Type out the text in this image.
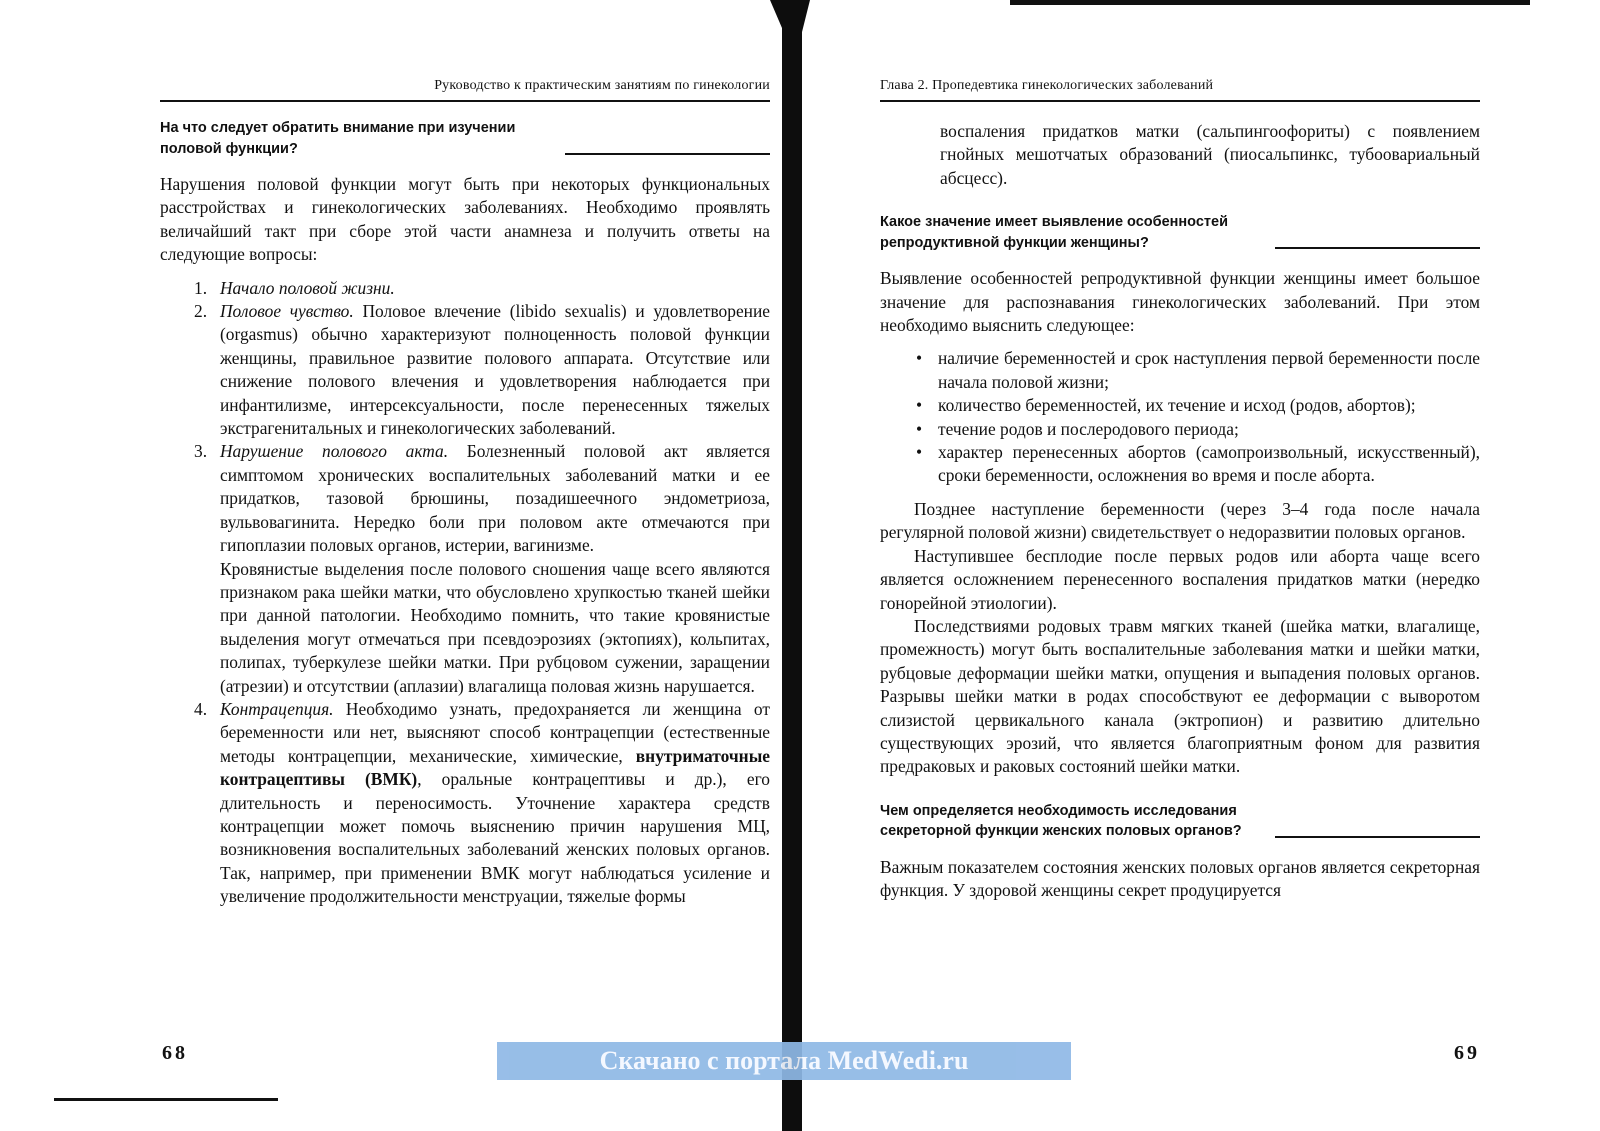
Руководство к практическим занятиям по гинекологии
На что следует обратить внимание при изучении половой функции?

Нарушения половой функции могут быть при некоторых функциональных расстройствах и гинекологических заболеваниях. Необходимо проявлять величайший такт при сборе этой части анамнеза и получить ответы на следующие вопросы:

1. Начало половой жизни.
2. Половое чувство. Половое влечение (libido sexualis) и удовлетворение (orgasmus) обычно характеризуют полноценность половой функции женщины, правильное развитие полового аппарата. Отсутствие или снижение полового влечения и удовлетворения наблюдается при инфантилизме, интерсексуальности, после перенесенных тяжелых экстрагенитальных и гинекологических заболеваний.
3. Нарушение полового акта. Болезненный половой акт является симптомом хронических воспалительных заболеваний матки и ее придатков, тазовой брюшины, позадишеечного эндометриоза, вульвовагинита. Нередко боли при половом акте отмечаются при гипоплазии половых органов, истерии, вагинизме.

Кровянистые выделения после полового сношения чаще всего являются признаком рака шейки матки, что обусловлено хрупкостью тканей шейки при данной патологии. Необходимо помнить, что такие кровянистые выделения могут отмечаться при псевдоэрозиях (эктопиях), кольпитах, полипах, туберкулезе шейки матки. При рубцовом сужении, заращении (атрезии) и отсутствии (аплазии) влагалища половая жизнь нарушается.

4. Контрацепция. Необходимо узнать, предохраняется ли женщина от беременности или нет, выясняют способ контрацепции (естественные методы контрацепции, механические, химические, внутриматочные контрацептивы (ВМК), оральные контрацептивы и др.), его длительность и переносимость. Уточнение характера средств контрацепции может помочь выяснению причин нарушения МЦ, возникновения воспалительных заболеваний женских половых органов. Так, например, при применении ВМК могут наблюдаться усиление и увеличение продолжительности менструации, тяжелые формы
68
Глава 2. Пропедевтика гинекологических заболеваний

воспаления придатков матки (сальпингоофориты) с появлением гнойных мешотчатых образований (пиосальпинкс, тубоовариальный абсцесс).

Какое значение имеет выявление особенностей репродуктивной функции женщины?

Выявление особенностей репродуктивной функции женщины имеет большое значение для распознавания гинекологических заболеваний. При этом необходимо выяснить следующее:

• наличие беременностей и срок наступления первой беременности после начала половой жизни;
• количество беременностей, их течение и исход (родов, абортов);
• течение родов и послеродового периода;
• характер перенесенных абортов (самопроизвольный, искусственный), сроки беременности, осложнения во время и после аборта.

Позднее наступление беременности (через 3–4 года после начала регулярной половой жизни) свидетельствует о недоразвитии половых органов.

Наступившее бесплодие после первых родов или аборта чаще всего является осложнением перенесенного воспаления придатков матки (нередко гонорейной этиологии).

Последствиями родовых травм мягких тканей (шейка матки, влагалище, промежность) могут быть воспалительные заболевания матки и шейки матки, рубцовые деформации шейки матки, опущения и выпадения половых органов. Разрывы шейки матки в родах способствуют ее деформации с выворотом слизистой цервикального канала (эктропион) и развитию длительно существующих эрозий, что является благоприятным фоном для развития предраковых и раковых состояний шейки матки.

Чем определяется необходимость исследования секреторной функции женских половых органов?

Важным показателем состояния женских половых органов является секреторная функция. У здоровой женщины секрет продуцируется

69
Скачано с портала MedWedi.ru
